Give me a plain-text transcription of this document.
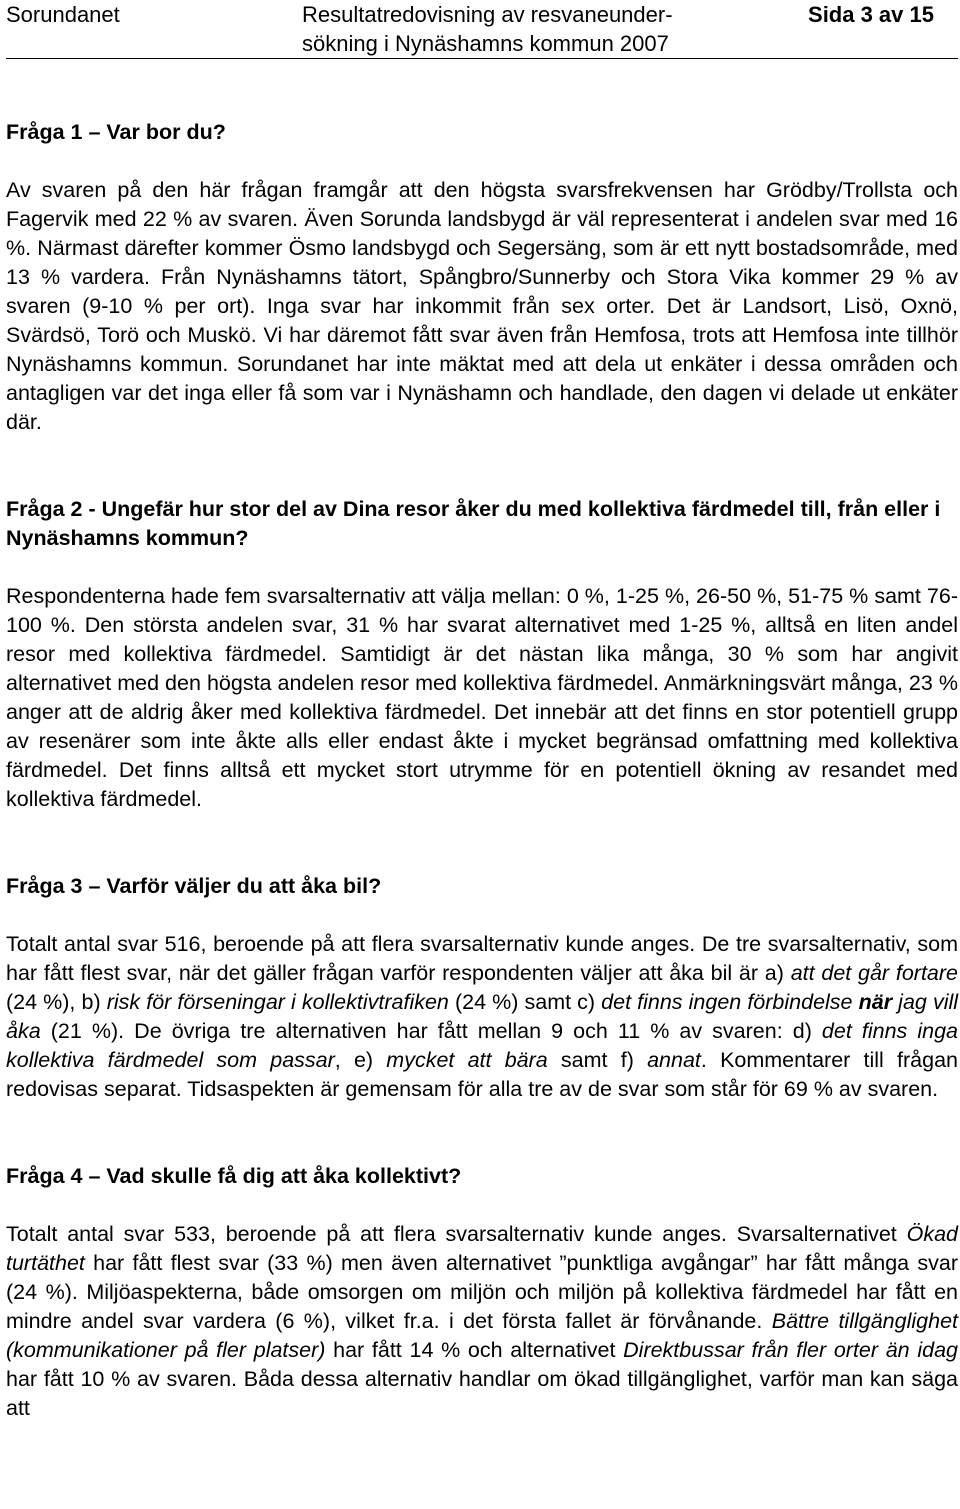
Sorundanet	Resultatredovisning av resvaneunder-
sökning i Nynäshamns kommun 2007
Sida 3 av 15
Fråga 1 – Var bor du?

Av svaren på den här frågan framgår att den högsta svarsfrekvensen har Grödby/Trollsta och Fagervik med 22 % av svaren. Även Sorunda landsbygd är väl representerat i andelen svar med 16 %. Närmast därefter kommer Ösmo landsbygd och Segersäng, som är ett nytt bostadsområde, med 13 % vardera. Från Nynäshamns tätort, Spångbro/Sunnerby och Stora Vika kommer 29 % av svaren (9-10 % per ort). Inga svar har inkommit från sex orter. Det är Landsort, Lisö, Oxnö, Svärdsö, Torö och Muskö. Vi har däremot fått svar även från Hemfosa, trots att Hemfosa inte tillhör Nynäshamns kommun. Sorundanet har inte mäktat med att dela ut enkäter i dessa områden och antagligen var det inga eller få som var i Nynäshamn och handlade, den dagen vi delade ut enkäter där.

Fråga 2 - Ungefär hur stor del av Dina resor åker du med kollektiva färdmedel till, från eller i Nynäshamns kommun?

Respondenterna hade fem svarsalternativ att välja mellan: 0 %, 1-25 %, 26-50 %, 51-75 % samt 76-100 %. Den största andelen svar, 31 % har svarat alternativet med 1-25 %, alltså en liten andel resor med kollektiva färdmedel. Samtidigt är det nästan lika många, 30 % som har angivit alternativet med den högsta andelen resor med kollektiva färdmedel. Anmärkningsvärt många, 23 % anger att de aldrig åker med kollektiva färdmedel. Det innebär att det finns en stor potentiell grupp av resenärer som inte åkte alls eller endast åkte i mycket begränsad omfattning med kollektiva färdmedel. Det finns alltså ett mycket stort utrymme för en potentiell ökning av resandet med kollektiva färdmedel.

Fråga 3 – Varför väljer du att åka bil?

Totalt antal svar 516, beroende på att flera svarsalternativ kunde anges. De tre svarsalternativ, som har fått flest svar, när det gäller frågan varför respondenten väljer att åka bil är a) att det går fortare (24 %), b) risk för förseningar i kollektivtrafiken (24 %) samt c) det finns ingen förbindelse när jag vill åka (21 %). De övriga tre alternativen har fått mellan 9 och 11 % av svaren: d) det finns inga kollektiva färdmedel som passar, e) mycket att bära samt f) annat. Kommentarer till frågan redovisas separat. Tidsaspekten är gemensam för alla tre av de svar som står för 69 % av svaren.

Fråga 4 – Vad skulle få dig att åka kollektivt?

Totalt antal svar 533, beroende på att flera svarsalternativ kunde anges. Svarsalternativet Ökad turtäthet har fått flest svar (33 %) men även alternativet ”punktliga avgångar” har fått många svar (24 %). Miljöaspekterna, både omsorgen om miljön och miljön på kollektiva färdmedel har fått en mindre andel svar vardera (6 %), vilket fr.a. i det första fallet är förvånande. Bättre tillgänglighet (kommunikationer på fler platser) har fått 14 % och alternativet Direktbussar från fler orter än idag har fått 10 % av svaren. Båda dessa alternativ handlar om ökad tillgänglighet, varför man kan säga att
